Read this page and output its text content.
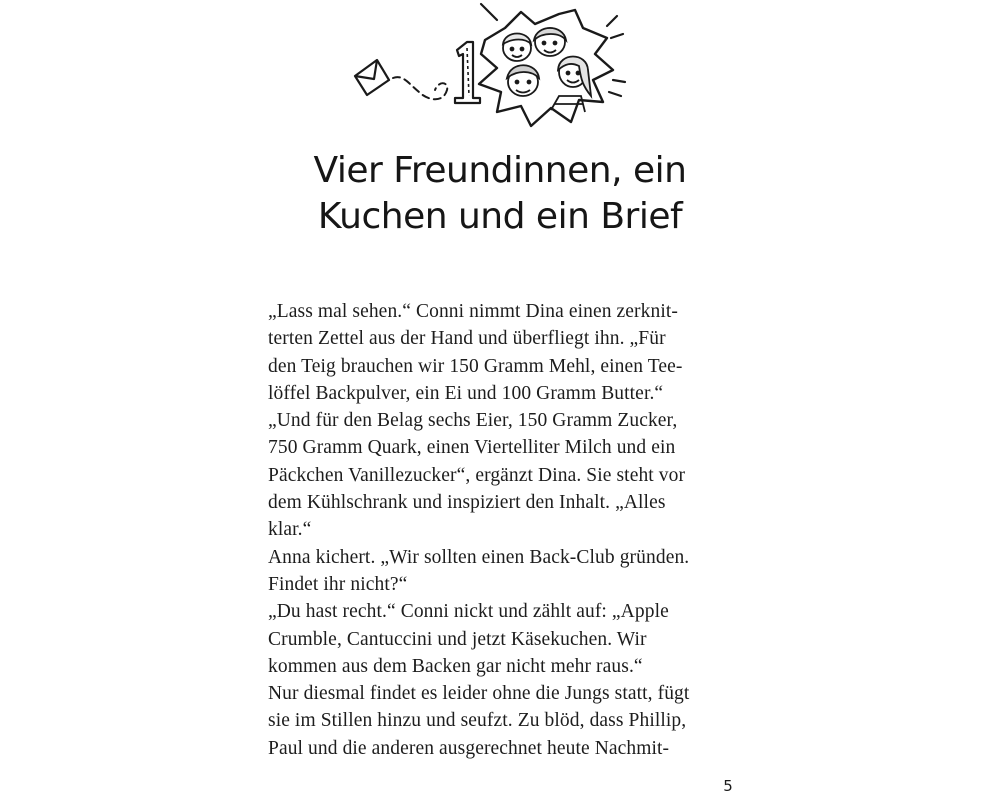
Vier Freundinnen, ein
Kuchen und ein Brief
„Lass mal sehen.“ Conni nimmt Dina einen zerknit-
terten Zettel aus der Hand und überfliegt ihn. „Für
den Teig brauchen wir 150 Gramm Mehl, einen Tee-
löffel Backpulver, ein Ei und 100 Gramm Butter.“
„Und für den Belag sechs Eier, 150 Gramm Zucker,
750 Gramm Quark, einen Viertelliter Milch und ein
Päckchen Vanillezucker“, ergänzt Dina. Sie steht vor
dem Kühlschrank und inspiziert den Inhalt. „Alles
klar.“
Anna kichert. „Wir sollten einen Back-Club gründen.
Findet ihr nicht?“
„Du hast recht.“ Conni nickt und zählt auf: „Apple
Crumble, Cantuccini und jetzt Käsekuchen. Wir
kommen aus dem Backen gar nicht mehr raus.“
Nur diesmal findet es leider ohne die Jungs statt, fügt
sie im Stillen hinzu und seufzt. Zu blöd, dass Phillip,
Paul und die anderen ausgerechnet heute Nachmit-
5
